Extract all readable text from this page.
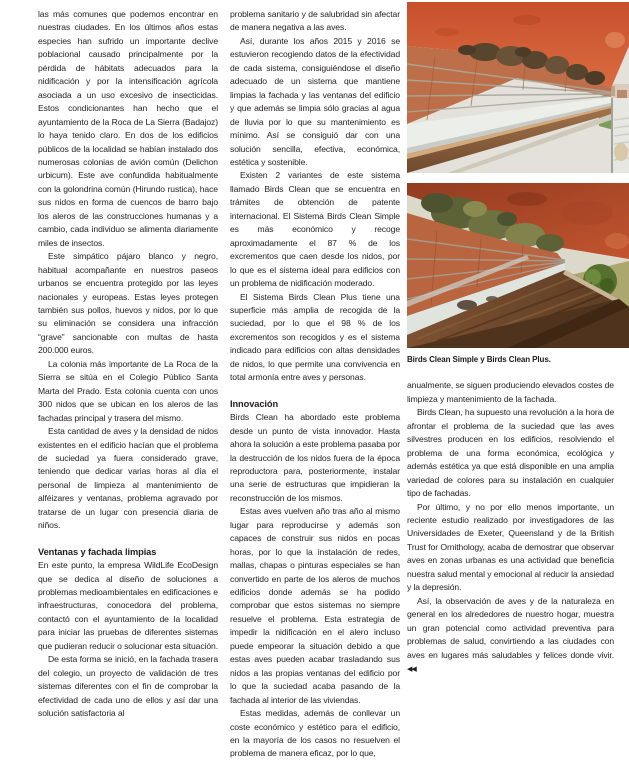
las más comunes que podemos encontrar en nuestras ciudades. En los últimos años estas especies han sufrido un importante declive poblacional causado principalmente por la pérdida de hábitats adecuados para la nidificación y por la intensificación agrícola asociada a un uso excesivo de insecticidas. Estos condicionantes han hecho que el ayuntamiento de la Roca de La Sierra (Badajoz) lo haya tenido claro. En dos de los edificios públicos de la localidad se habían instalado dos numerosas colonias de avión común (Delichon urbicum). Este ave confundida habitualmente con la golondrina común (Hirundo rustica), hace sus nidos en forma de cuencos de barro bajo los aleros de las construcciones humanas y a cambio, cada individuo se alimenta diariamente miles de insectos.

Este simpático pájaro blanco y negro, habitual acompañante en nuestros paseos urbanos se encuentra protegido por las leyes nacionales y europeas. Estas leyes protegen también sus pollos, huevos y nidos, por lo que su eliminación se considera una infracción “grave” sancionable con multas de hasta 200.000 euros.

La colonia más importante de La Roca de la Sierra se sitúa en el Colegio Público Santa Marta del Prado. Esta colonia cuenta con unos 300 nidos que se ubican en los aleros de las fachadas principal y trasera del mismo.

Esta cantidad de aves y la densidad de nidos existentes en el edificio hacían que el problema de suciedad ya fuera considerado grave, teniendo que dedicar varias horas al día el personal de limpieza al mantenimiento de alféizares y ventanas, problema agravado por tratarse de un lugar con presencia diaria de niños.

Ventanas y fachada limpias

En este punto, la empresa WildLife EcoDesign que se dedica al diseño de soluciones a problemas medioambientales en edificaciones e infraestructuras, conocedora del problema, contactó con el ayuntamiento de la localidad para iniciar las pruebas de diferentes sistemas que pudieran reducir o solucionar esta situación.

De esta forma se inició, en la fachada trasera del colegio, un proyecto de validación de tres sistemas diferentes con el fin de comprobar la efectividad de cada uno de ellos y así dar una solución satisfactoria al

problema sanitario y de salubridad sin afectar de manera negativa a las aves.

Así, durante los años 2015 y 2016 se estuvieron recogiendo datos de la efectividad de cada sistema, consiguiéndose el diseño adecuado de un sistema que mantiene limpias la fachada y las ventanas del edificio y que además se limpia sólo gracias al agua de lluvia por lo que su mantenimiento es mínimo. Así se consiguió dar con una solución sencilla, efectiva, económica, estética y sostenible.

Existen 2 variantes de este sistema llamado Birds Clean que se encuentra en trámites de obtención de patente internacional. El Sistema Birds Clean Simple es más económico y recoge aproximadamente el 87 % de los excrementos que caen desde los nidos, por lo que es el sistema ideal para edificios con un problema de nidificación moderado.

El Sistema Birds Clean Plus tiene una superficie más amplia de recogida de la suciedad, por lo que el 98 % de los excrementos son recogidos y es el sistema indicado para edificios con altas densidades de nidos, lo que permite una convivencia en total armonía entre aves y personas.

Innovación

Birds Clean ha abordado este problema desde un punto de vista innovador. Hasta ahora la solución a este problema pasaba por la destrucción de los nidos fuera de la época reproductora para, posteriormente, instalar una serie de estructuras que impidieran la reconstrucción de los mismos.

Estas aves vuelven año tras año al mismo lugar para reproducirse y además son capaces de construir sus nidos en pocas horas, por lo que la instalación de redes, mallas, chapas o pinturas especiales se han convertido en parte de los aleros de muchos edificios donde además se ha podido comprobar que estos sistemas no siempre resuelve el problema. Esta estrategia de impedir la nidificación en el alero incluso puede empeorar la situación debido a que estas aves pueden acabar trasladando sus nidos a las propias ventanas del edificio por lo que la suciedad acaba pasando de la fachada al interior de las viviendas.

Estas medidas, además de conllevar un coste económico y estético para el edificio, en la mayoría de los casos no resuelven el problema de manera eficaz, por lo que,

Birds Clean Simple y Birds Clean Plus.

anualmente, se siguen produciendo elevados costes de limpieza y mantenimiento de la fachada.

Birds Clean, ha supuesto una revolución a la hora de afrontar el problema de la suciedad que las aves silvestres producen en los edificios, resolviendo el problema de una forma económica, ecológica y además estética ya que está disponible en una amplia variedad de colores para su instalación en cualquier tipo de fachadas.

Por último, y no por ello menos importante, un reciente estudio realizado por investigadores de las Universidades de Exeter, Queensland y de la British Trust for Ornithology, acaba de demostrar que observar aves en zonas urbanas es una actividad que beneficia nuestra salud mental y emocional al reducir la ansiedad y la depresión.

Así, la observación de aves y de la naturaleza en general en los alrededores de nuestro hogar, muestra un gran potencial como actividad preventiva para problemas de salud, convirtiendo a las ciudades con aves en lugares más saludables y felices donde vivir. ◀◀
